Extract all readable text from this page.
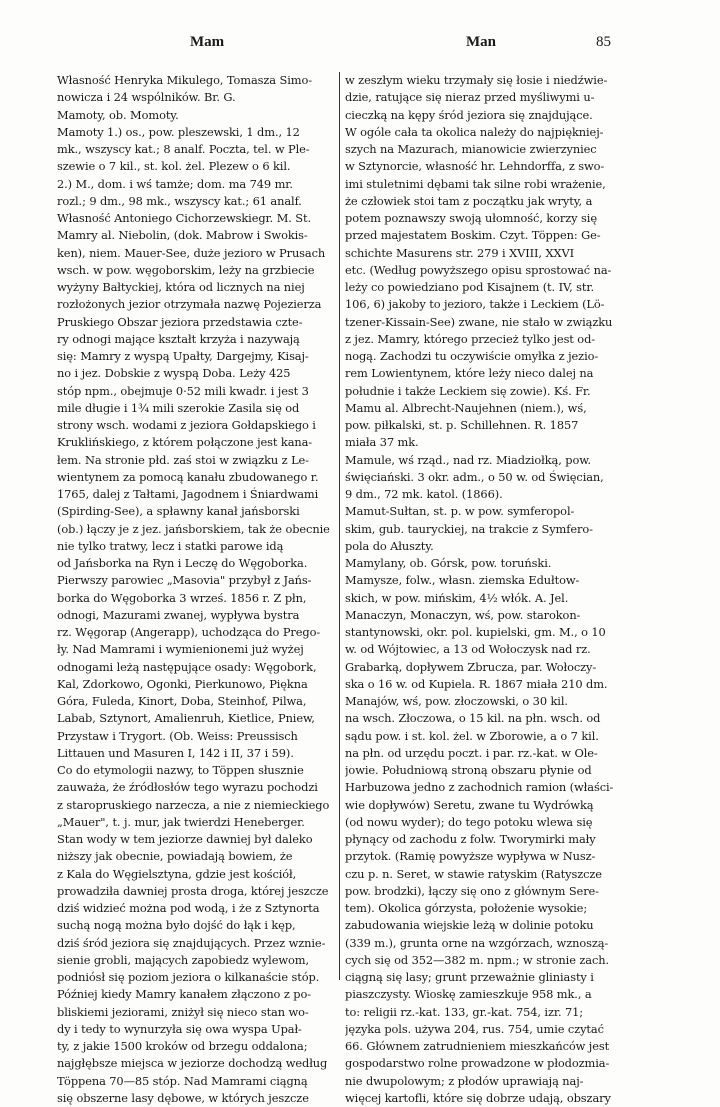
Mam	Man	85
Własność Henryka Mikulego, Tomasza Simo-
nowicza i 24 wspólników. Br. G.
Mamoty, ob. Momoty.
Mamoty 1.) os., pow. pleszewski, 1 dm., 12
mk., wszyscy kat.; 8 analf. Poczta, tel. w Ple-
szewie o 7 kil., st. kol. żel. Plezew o 6 kil.
2.) M., dom. i wś tamże; dom. ma 749 mr.
rozl.; 9 dm., 98 mk., wszyscy kat.; 61 analf.
Własność Antoniego Cichorzewskiegr. M. St.
Mamry al. Niebolin, (dok. Mabrow i Swokis-
ken), niem. Mauer-See, duże jezioro w Prusach
wsch. w pow. węgoborskim, leży na grzbiecie
wyżyny Bałtyckiej, która od licznych na niej
rozłożonych jezior otrzymała nazwę Pojezierza
Pruskiego Obszar jeziora przedstawia czte-
ry odnogi mające kształt krzyża i nazywają
się: Mamry z wyspą Upałty, Dargejmy, Kisaj-
no i jez. Dobskie z wyspą Doba. Leży 425
stóp npm., obejmuje 0·52 mili kwadr. i jest 3
mile długie i 1¾ mili szerokie Zasila się od
strony wsch. wodami z jeziora Gołdapskiego i
Kruklińskiego, z którem połączone jest kana-
łem. Na stronie płd. zaś stoi w związku z Le-
wientynem za pomocą kanału zbudowanego r.
1765, dalej z Tałtami, Jagodnem i Śniardwami
(Spirding-See), a spławny kanał jańsborski
(ob.) łączy je z jez. jańsborskiem, tak że obecnie
nie tylko tratwy, lecz i statki parowe idą
od Jańsborka na Ryn i Leczę do Węgoborka.
Pierwszy parowiec „Masovia" przybył z Jańs-
borka do Węgoborka 3 wrześ. 1856 r. Z płn,
odnogi, Mazurami zwanej, wypływa bystra
rz. Węgorap (Angerapp), uchodząca do Prego-
ły. Nad Mamrami i wymienionemi już wyżej
odnogami leżą następujące osady: Węgobork,
Kal, Zdorkowo, Ogonki, Pierkunowo, Piękna
Góra, Fuleda, Kinort, Doba, Steinhof, Pilwa,
Labab, Sztynort, Amalienruh, Kietlice, Pniew,
Przystaw i Trygort. (Ob. Weiss: Preussisch
Littauen und Masuren I, 142 i II, 37 i 59).
Co do etymologii nazwy, to Töppen słusznie
zauważa, że źródłosłów tego wyrazu pochodzi
z staropruskiego narzecza, a nie z niemieckiego
„Mauer", t. j. mur, jak twierdzi Heneberger.
Stan wody w tem jeziorze dawniej był daleko
niższy jak obecnie, powiadają bowiem, że
z Kala do Węgielsztyna, gdzie jest kościół,
prowadziła dawniej prosta droga, której jeszcze
dziś widzieć można pod wodą, i że z Sztynorta
suchą nogą można było dojść do łąk i kęp,
dziś śród jeziora się znajdujących. Przez wznie-
sienie grobli, mających zapobiedz wylewom,
podniósł się poziom jeziora o kilkanaście stóp.
Później kiedy Mamry kanałem złączono z po-
bliskiemi jeziorami, zniżył się nieco stan wo-
dy i tedy to wynurzyła się owa wyspa Upał-
ty, z jakie 1500 kroków od brzegu oddalona;
najgłębsze miejsca w jeziorze dochodzą według
Töppena 70—85 stóp. Nad Mamrami ciągną
się obszerne lasy dębowe, w których jeszcze
w zeszłym wieku trzymały się łosie i niedźwie-
dzie, ratujące się nieraz przed myśliwymi u-
cieczką na kępy śród jeziora się znajdujące.
W ogóle cała ta okolica należy do najpiękniej-
szych na Mazurach, mianowicie zwierzyniec
w Sztynorcie, własność hr. Lehndorffa, z swo-
imi stuletnimi dębami tak silne robi wrażenie,
że człowiek stoi tam z początku jak wryty, a
potem poznawszy swoją ułomność, korzy się
przed majestatem Boskim. Czyt. Töppen: Ge-
schichte Masurens str. 279 i XVIII, XXVI
etc. (Według powyższego opisu sprostować na-
leży co powiedziano pod Kisajnem (t. IV, str.
106, 6) jakoby to jezioro, także i Leckiem (Lö-
tzener-Kissain-See) zwane, nie stało w związku
z jez. Mamry, którego przecież tylko jest od-
nogą. Zachodzi tu oczywiście omyłka z jezio-
rem Lowientynem, które leży nieco dalej na
południe i także Leckiem się zowie). Kś. Fr.
Mamu al. Albrecht-Naujehnen (niem.), wś,
pow. piłkalski, st. p. Schillehnen. R. 1857
miała 37 mk.
Mamule, wś rząd., nad rz. Miadziołką, pow.
święciański. 3 okr. adm., o 50 w. od Święcian,
9 dm., 72 mk. katol. (1866).
Mamut-Sułtan, st. p. w pow. symferopol-
skim, gub. tauryckiej, na trakcie z Symfero-
pola do Ałuszty.
Mamylany, ob. Górsk, pow. toruński.
Mamysze, folw., własn. ziemska Edułtow-
skich, w pow. mińskim, 4½ włók. A. Jel.
Manaczyn, Monaczyn, wś, pow. starokon-
stantynowski, okr. pol. kupielski, gm. M., o 10
w. od Wójtowiec, a 13 od Wołoczysk nad rz.
Grabarką, dopływem Zbrucza, par. Wołoczy-
ska o 16 w. od Kupiela. R. 1867 miała 210 dm.
Manajów, wś, pow. złoczowski, o 30 kil.
na wsch. Złoczowa, o 15 kil. na płn. wsch. od
sądu pow. i st. kol. żel. w Zborowie, a o 7 kil.
na płn. od urzędu poczt. i par. rz.-kat. w Ole-
jowie. Południową stroną obszaru płynie od
Harbuzowa jedno z zachodnich ramion (właści-
wie dopływów) Seretu, zwane tu Wydrówką
(od nowu wyder); do tego potoku wlewa się
płynący od zachodu z folw. Tworymirki mały
przytok. (Ramię powyższe wypływa w Nusz-
czu p. n. Seret, w stawie ratyskim (Ratyszcze
pow. brodzki), łączy się ono z głównym Sere-
tem). Okolica górzysta, położenie wysokie;
zabudowania wiejskie leżą w dolinie potoku
(339 m.), grunta orne na wzgórzach, wznoszą-
cych się od 352—382 m. npm.; w stronie zach.
ciągną się lasy; grunt przeważnie gliniasty i
piaszczysty. Wioskę zamieszkuje 958 mk., a
to: religii rz.-kat. 133, gr.-kat. 754, izr. 71;
języka pols. używa 204, rus. 754, umie czytać
66. Głównem zatrudnieniem mieszkańców jest
gospodarstwo rolne prowadzone w płodozmia-
nie dwupolowym; z płodów uprawiają naj-
więcej kartofli, które się dobrze udają, obszary
